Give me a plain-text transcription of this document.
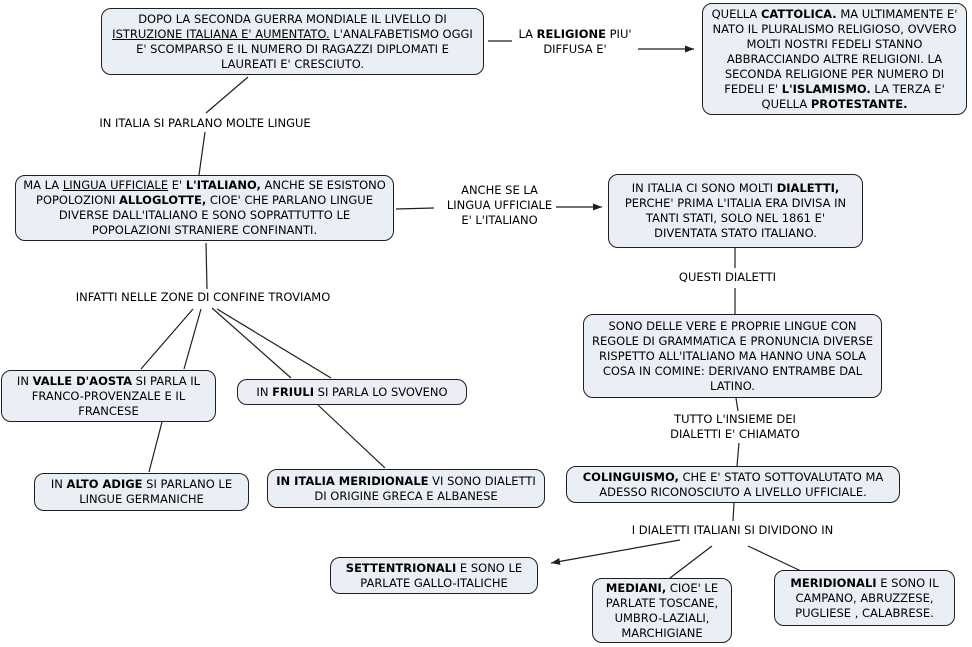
DOPO LA SECONDA GUERRA MONDIALE IL LIVELLO DI ISTRUZIONE ITALIANA E' AUMENTATO. L'ANALFABETISMO OGGI E' SCOMPARSO E IL NUMERO DI RAGAZZI DIPLOMATI E LAUREATI E' CRESCIUTO.
QUELLA CATTOLICA. MA ULTIMAMENTE E' NATO IL PLURALISMO RELIGIOSO, OVVERO MOLTI NOSTRI FEDELI STANNO ABBRACCIANDO ALTRE RELIGIONI. LA SECONDA RELIGIONE PER NUMERO DI FEDELI E' L'ISLAMISMO. LA TERZA E' QUELLA PROTESTANTE.
LA RELIGIONE PIU'
DIFFUSA E'
IN ITALIA SI PARLANO MOLTE LINGUE
MA LA LINGUA UFFICIALE E' L'ITALIANO, ANCHE SE ESISTONO POPOLOZIONI ALLOGLOTTE, CIOE' CHE PARLANO LINGUE DIVERSE DALL'ITALIANO E SONO SOPRATTUTTO LE POPOLAZIONI STRANIERE CONFINANTI.
ANCHE SE LA
LINGUA UFFICIALE
E' L'ITALIANO
IN ITALIA CI SONO MOLTI DIALETTI, PERCHE' PRIMA L'ITALIA ERA DIVISA IN TANTI STATI, SOLO NEL 1861 E' DIVENTATA STATO ITALIANO.
QUESTI DIALETTI
SONO DELLE VERE E PROPRIE LINGUE CON REGOLE DI GRAMMATICA E PRONUNCIA DIVERSE RISPETTO ALL'ITALIANO MA HANNO UNA SOLA COSA IN COMINE: DERIVANO ENTRAMBE DAL LATINO.
TUTTO L'INSIEME DEI
DIALETTI E' CHIAMATO
COLINGUISMO, CHE E' STATO SOTTOVALUTATO MA ADESSO RICONOSCIUTO A LIVELLO UFFICIALE.
I DIALETTI ITALIANI SI DIVIDONO IN
SETTENTRIONALI E SONO LE PARLATE GALLO-ITALICHE	MEDIANI, CIOE' LE PARLATE TOSCANE, UMBRO-LAZIALI, MARCHIGIANE
MERIDIONALI E SONO IL CAMPANO, ABRUZZESE, PUGLIESE , CALABRESE.
INFATTI NELLE ZONE DI CONFINE TROVIAMO
IN VALLE D'AOSTA SI PARLA IL FRANCO-PROVENZALE E IL FRANCESE
IN FRIULI SI PARLA LO SVOVENO
IN ALTO ADIGE SI PARLANO LE LINGUE GERMANICHE
IN ITALIA MERIDIONALE VI SONO DIALETTI DI ORIGINE GRECA E ALBANESE
